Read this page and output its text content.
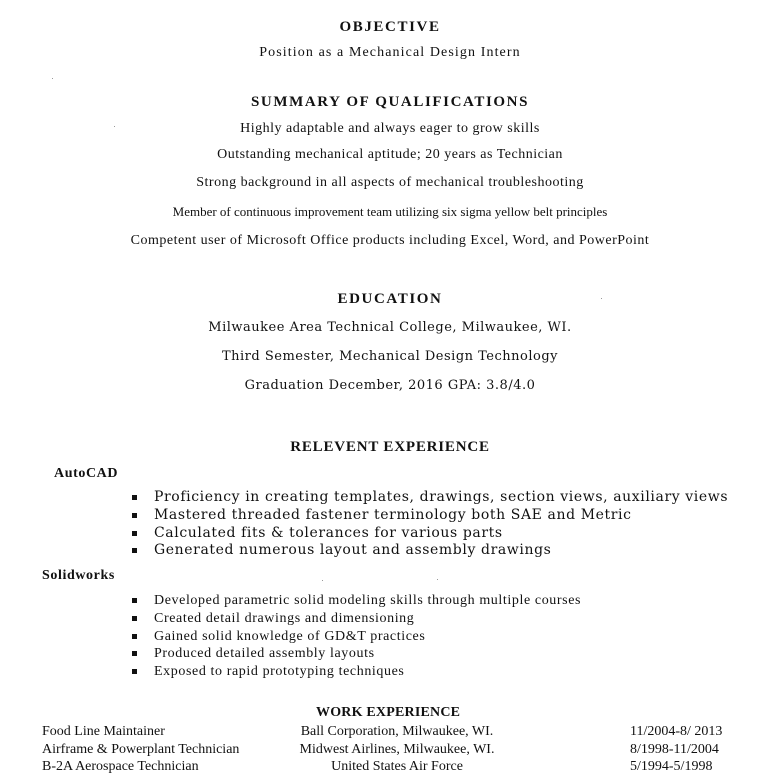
OBJECTIVE
Position as a Mechanical Design Intern
SUMMARY OF QUALIFICATIONS
Highly adaptable and always eager to grow skills
Outstanding mechanical aptitude; 20 years as Technician
Strong background in all aspects of mechanical troubleshooting
Member of continuous improvement team utilizing six sigma yellow belt principles
Competent user of Microsoft Office products including Excel, Word, and PowerPoint
EDUCATION
Milwaukee Area Technical College, Milwaukee, WI.
Third Semester, Mechanical Design Technology
Graduation December, 2016 GPA: 3.8/4.0
RELEVENT EXPERIENCE
AutoCAD
Proficiency in creating templates, drawings, section views, auxiliary views
Mastered threaded fastener terminology both SAE and Metric
Calculated fits & tolerances for various parts
Generated numerous layout and assembly drawings
Solidworks
Developed parametric solid modeling skills through multiple courses
Created detail drawings and dimensioning
Gained solid knowledge of GD&T practices
Produced detailed assembly layouts
Exposed to rapid prototyping techniques
WORK EXPERIENCE
Food Line Maintainer
Airframe & Powerplant Technician
B-2A Aerospace Technician
Ball Corporation, Milwaukee, WI.
Midwest Airlines, Milwaukee, WI.
United States Air Force
11/2004-8/ 2013
8/1998-11/2004
5/1994-5/1998
